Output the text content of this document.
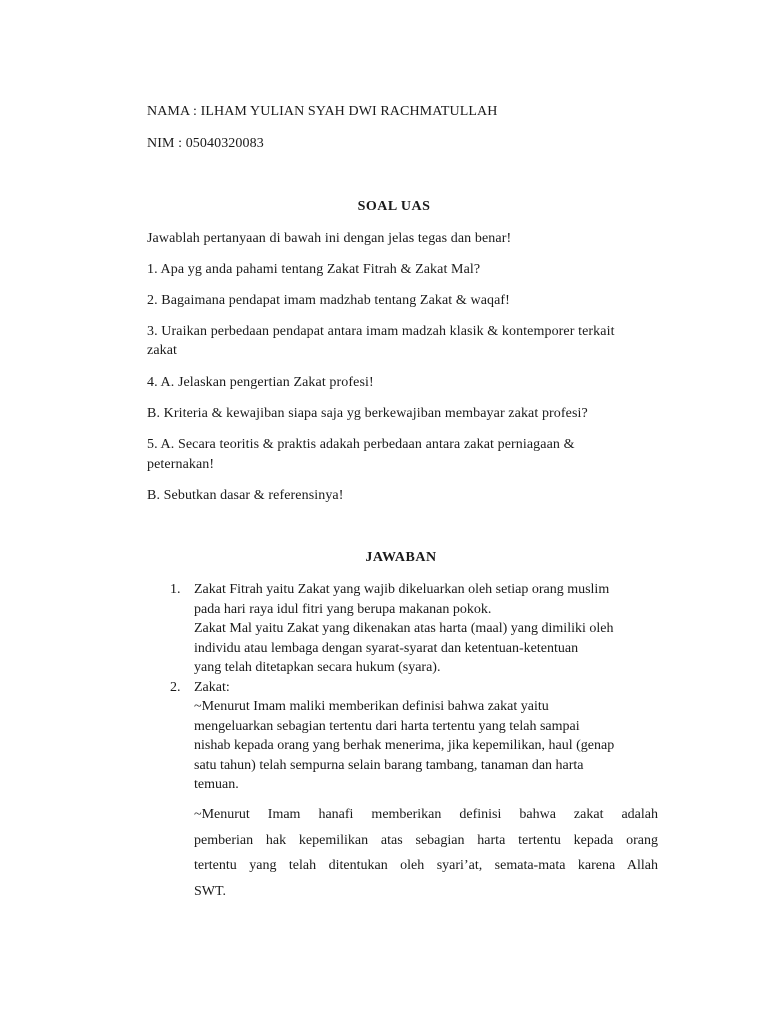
NAMA : ILHAM YULIAN SYAH DWI RACHMATULLAH
NIM : 05040320083
SOAL UAS
Jawablah pertanyaan di bawah ini dengan jelas tegas dan benar!
1. Apa yg anda pahami tentang Zakat Fitrah & Zakat Mal?
2. Bagaimana pendapat imam madzhab tentang Zakat & waqaf!
3. Uraikan perbedaan pendapat antara imam madzah klasik & kontemporer terkait
zakat
4. A. Jelaskan pengertian Zakat profesi!
B. Kriteria & kewajiban siapa saja yg berkewajiban membayar zakat profesi?
5. A. Secara teoritis & praktis adakah perbedaan antara zakat perniagaan &
peternakan!
B. Sebutkan dasar & referensinya!
JAWABAN
1. Zakat Fitrah yaitu Zakat yang wajib dikeluarkan oleh setiap orang muslim
pada hari raya idul fitri yang berupa makanan pokok.
Zakat Mal yaitu Zakat yang dikenakan atas harta (maal) yang dimiliki oleh
individu atau lembaga dengan syarat-syarat dan ketentuan-ketentuan
yang telah ditetapkan secara hukum (syara).
2. Zakat:
~Menurut Imam maliki memberikan definisi bahwa zakat yaitu
mengeluarkan sebagian tertentu dari harta tertentu yang telah sampai
nishab kepada orang yang berhak menerima, jika kepemilikan, haul (genap
satu tahun) telah sempurna selain barang tambang, tanaman dan harta
temuan.
~Menurut Imam hanafi memberikan definisi bahwa zakat adalah
pemberian hak kepemilikan atas sebagian harta tertentu kepada orang
tertentu yang telah ditentukan oleh syari’at, semata-mata karena Allah
SWT.
